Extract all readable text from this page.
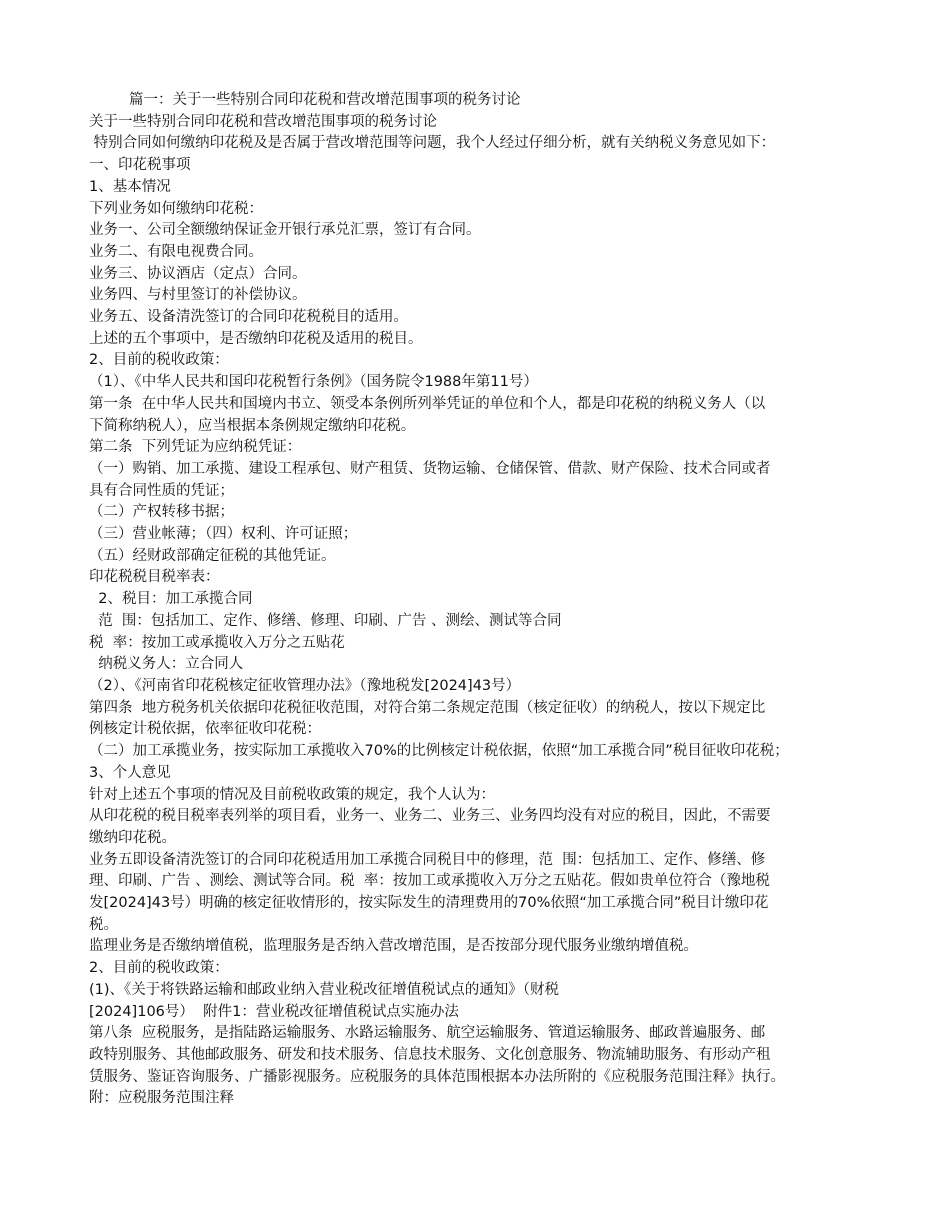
篇一：关于一些特别合同印花税和营改增范围事项的税务讨论
关于一些特别合同印花税和营改增范围事项的税务讨论
特别合同如何缴纳印花税及是否属于营改增范围等问题，我个人经过仔细分析，就有关纳税义务意见如下：
一、印花税事项
1、基本情况
下列业务如何缴纳印花税：
业务一、公司全额缴纳保证金开银行承兑汇票，签订有合同。
业务二、有限电视费合同。
业务三、协议酒店（定点）合同。
业务四、与村里签订的补偿协议。
业务五、设备清洗签订的合同印花税税目的适用。
上述的五个事项中，是否缴纳印花税及适用的税目。
2、目前的税收政策：
（1）、《中华人民共和国印花税暂行条例》（国务院令1988年第11号）
第一条  在中华人民共和国境内书立、领受本条例所列举凭证的单位和个人，都是印花税的纳税义务人（以
下简称纳税人），应当根据本条例规定缴纳印花税。
第二条  下列凭证为应纳税凭证：
（一）购销、加工承揽、建设工程承包、财产租赁、货物运输、仓储保管、借款、财产保险、技术合同或者
具有合同性质的凭证；
（二）产权转移书据；
（三）营业帐薄；（四）权利、许可证照；
（五）经财政部确定征税的其他凭证。
印花税税目税率表：
2、税目：加工承揽合同
范  围：包括加工、定作、修缮、修理、印刷、广告 、测绘、测试等合同
税  率：按加工或承揽收入万分之五贴花
纳税义务人：立合同人
（2）、《河南省印花税核定征收管理办法》（豫地税发[2024]43号）
第四条  地方税务机关依据印花税征收范围，对符合第二条规定范围（核定征收）的纳税人，按以下规定比
例核定计税依据，依率征收印花税：
（二）加工承揽业务，按实际加工承揽收入70%的比例核定计税依据，依照“加工承揽合同”税目征收印花税；
3、个人意见
针对上述五个事项的情况及目前税收政策的规定，我个人认为：
从印花税的税目税率表列举的项目看，业务一、业务二、业务三、业务四均没有对应的税目，因此，不需要
缴纳印花税。
业务五即设备清洗签订的合同印花税适用加工承揽合同税目中的修理，范  围：包括加工、定作、修缮、修
理、印刷、广告 、测绘、测试等合同。税  率：按加工或承揽收入万分之五贴花。假如贵单位符合（豫地税
发[2024]43号）明确的核定征收情形的，按实际发生的清理费用的70%依照“加工承揽合同”税目计缴印花
税。
监理业务是否缴纳增值税，监理服务是否纳入营改增范围，是否按部分现代服务业缴纳增值税。
2、目前的税收政策：
(1)、《关于将铁路运输和邮政业纳入营业税改征增值税试点的通知》（财税
[2024]106号）  附件1：营业税改征增值税试点实施办法
第八条  应税服务，是指陆路运输服务、水路运输服务、航空运输服务、管道运输服务、邮政普遍服务、邮
政特别服务、其他邮政服务、研发和技术服务、信息技术服务、文化创意服务、物流辅助服务、有形动产租
赁服务、鉴证咨询服务、广播影视服务。应税服务的具体范围根据本办法所附的《应税服务范围注释》执行。
附：应税服务范围注释
